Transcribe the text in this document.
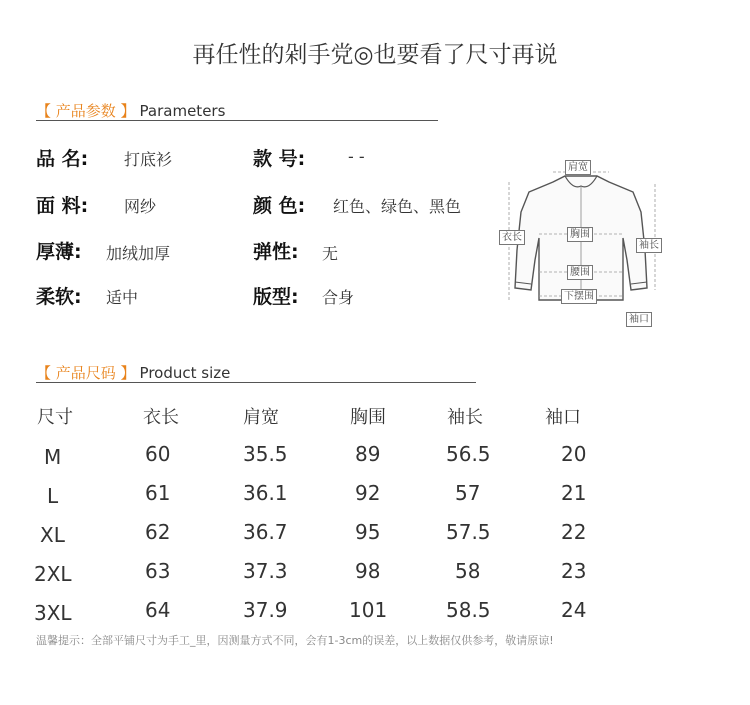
再任性的剁手党◎也要看了尺寸再说
【 产品参数 】 Parameters
品 名: 打底衫	款 号:	- -
面 料: 网纱	颜 色: 红色、绿色、黑色
厚薄: 加绒加厚	弹性: 无
柔软: 适中	版型: 合身
肩宽
衣长	胸围
袖长
腰围
下摆围
袖口
【 产品尺码 】 Product size
尺寸	衣长	肩宽	胸围	袖长	袖口
M	60	35.5	89	56.5	20
L	61	36.1	92	57	21
XL	62	36.7	95	57.5	22
2XL	63	37.3	98	58	23
3XL	64	37.9	101	58.5	24
温馨提示：全部平铺尺寸为手工_里，因测量方式不同，会有1-3cm的误差，以上数据仅供参考，敬请原谅!
